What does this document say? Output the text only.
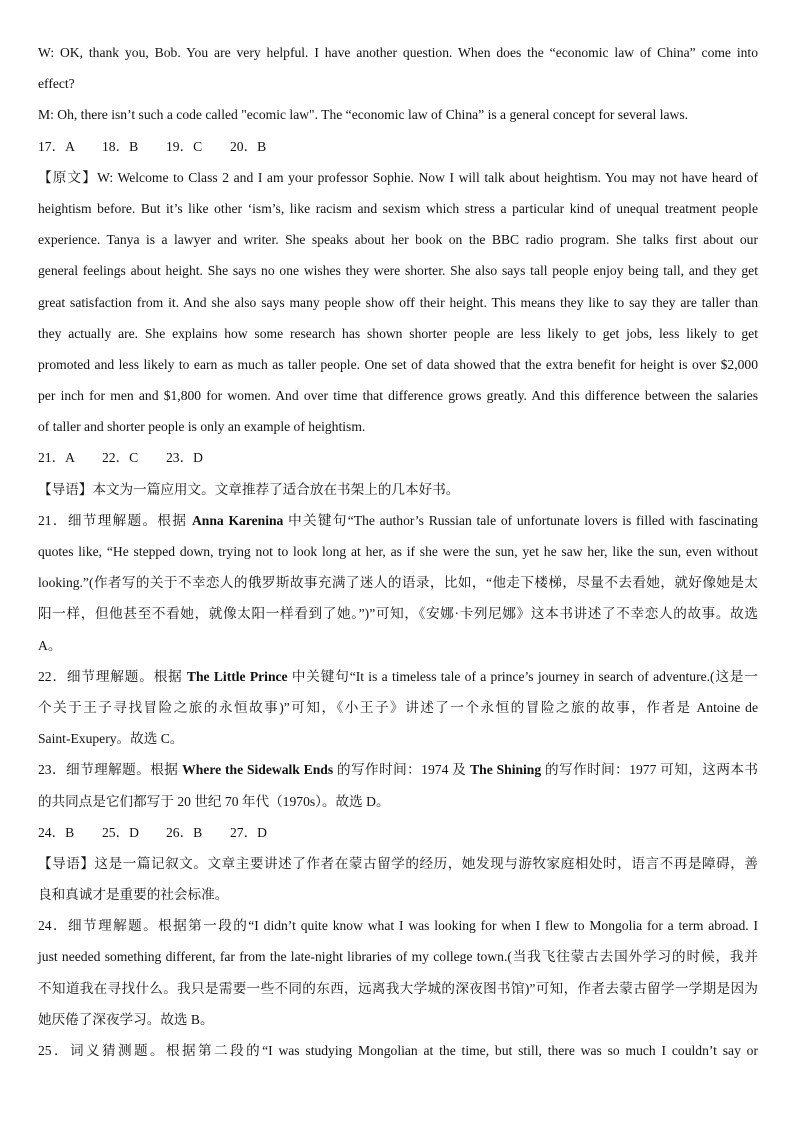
W: OK, thank you, Bob. You are very helpful. I have another question. When does the “economic law of China” come into
effect?
M: Oh, there isn’t such a code called "ecomic law". The “economic law of China” is a general concept for several laws.
17．A 18．B 19．C 20．B
【原文】W: Welcome to Class 2 and I am your professor Sophie. Now I will talk about heightism. You may not have heard of
heightism before. But it’s like other ‘ism’s, like racism and sexism which stress a particular kind of unequal treatment people
experience. Tanya is a lawyer and writer. She speaks about her book on the BBC radio program. She talks first about our
general feelings about height. She says no one wishes they were shorter. She also says tall people enjoy being tall, and they get
great satisfaction from it. And she also says many people show off their height. This means they like to say they are taller than
they actually are. She explains how some research has shown shorter people are less likely to get jobs, less likely to get
promoted and less likely to earn as much as taller people. One set of data showed that the extra benefit for height is over $2,000
per inch for men and $1,800 for women. And over time that difference grows greatly. And this difference between the salaries
of taller and shorter people is only an example of heightism.
21．A 22．C 23．D
【导语】本文为一篇应用文。文章推荐了适合放在书架上的几本好书。
21．细节理解题。根据 Anna Karenina 中关键句“The author’s Russian tale of unfortunate lovers is filled with fascinating
quotes like, “He stepped down, trying not to look long at her, as if she were the sun, yet he saw her, like the sun, even without
looking.”(作者写的关于不幸恋人的俄罗斯故事充满了迷人的语录，比如，“他走下楼梯，尽量不去看她，就好像她是太
阳一样，但他甚至不看她，就像太阳一样看到了她。”)”可知，《安娜·卡列尼娜》这本书讲述了不幸恋人的故事。故选
A。
22．细节理解题。根据 The Little Prince 中关键句“It is a timeless tale of a prince’s journey in search of adventure.(这是一
个关于王子寻找冒险之旅的永恒故事)”可知，《小王子》讲述了一个永恒的冒险之旅的故事，作者是 Antoine de
Saint-Exupery。故选 C。
23．细节理解题。根据 Where the Sidewalk Ends 的写作时间：1974 及 The Shining 的写作时间：1977 可知，这两本书
的共同点是它们都写于 20 世纪 70 年代（1970s）。故选 D。
24．B 25．D 26．B 27．D
【导语】这是一篇记叙文。文章主要讲述了作者在蒙古留学的经历，她发现与游牧家庭相处时，语言不再是障碍，善
良和真诚才是重要的社会标准。
24．细节理解题。根据第一段的“I didn’t quite know what I was looking for when I flew to Mongolia for a term abroad. I
just needed something different, far from the late-night libraries of my college town.(当我飞往蒙古去国外学习的时候，我并
不知道我在寻找什么。我只是需要一些不同的东西，远离我大学城的深夜图书馆)”可知，作者去蒙古留学一学期是因为
她厌倦了深夜学习。故选 B。
25．词义猜测题。根据第二段的“I was studying Mongolian at the time, but still, there was so much I couldn’t say or
